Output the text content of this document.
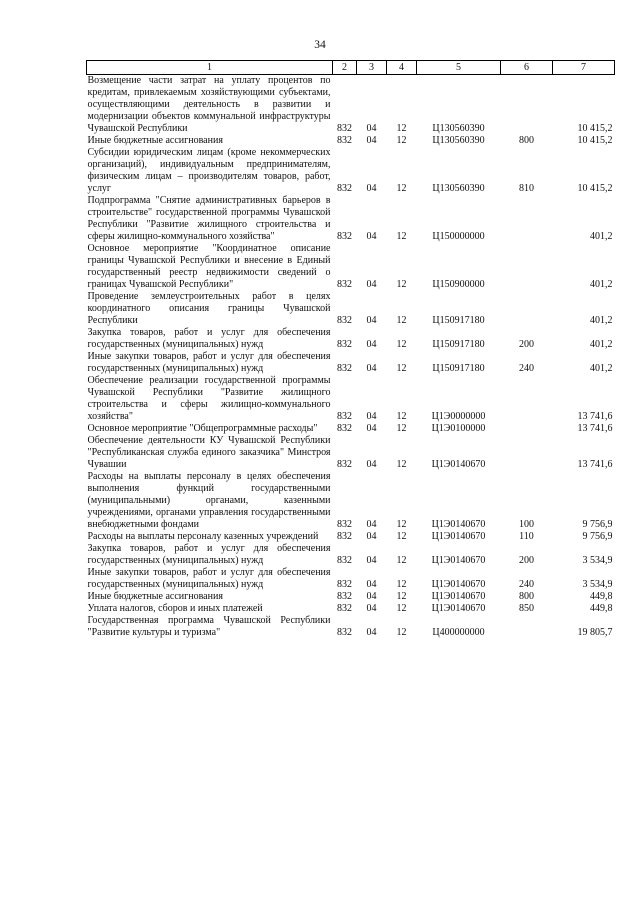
34
1	2	3	4	5	6	7
Возмещение части затрат на уплату процентов по кредитам, привлекаемым хозяйствующими субъектами, осуществляющими деятельность в развитии и модернизации объектов коммунальной инфраструктуры Чувашской Республики	832	04	12	Ц130560390		10 415,2
Иные бюджетные ассигнования	832	04	12	Ц130560390	800	10 415,2
Субсидии юридическим лицам (кроме некоммерческих организаций), индивидуальным предпринимателям, физическим лицам – производителям товаров, работ, услуг	832	04	12	Ц130560390	810	10 415,2
Подпрограмма "Снятие административных барьеров в строительстве" государственной программы Чувашской Республики "Развитие жилищного строительства и сферы жилищно-коммунального хозяйства"	832	04	12	Ц150000000		401,2
Основное мероприятие "Координатное описание границы Чувашской Республики и внесение в Единый государственный реестр недвижимости сведений о границах Чувашской Республики"	832	04	12	Ц150900000		401,2
Проведение землеустроительных работ в целях координатного описания границы Чувашской Республики	832	04	12	Ц150917180		401,2
Закупка товаров, работ и услуг для обеспечения государственных (муниципальных) нужд	832	04	12	Ц150917180	200	401,2
Иные закупки товаров, работ и услуг для обеспечения государственных (муниципальных) нужд	832	04	12	Ц150917180	240	401,2
Обеспечение реализации государственной программы Чувашской Республики "Развитие жилищного строительства и сферы жилищно-коммунального хозяйства"	832	04	12	Ц1Э0000000		13 741,6
Основное мероприятие "Общепрограммные расходы"	832	04	12	Ц1Э0100000		13 741,6
Обеспечение деятельности КУ Чувашской Республики "Республиканская служба единого заказчика" Минстроя Чувашии	832	04	12	Ц1Э0140670		13 741,6
Расходы на выплаты персоналу в целях обеспечения выполнения функций государственными (муниципальными) органами, казенными учреждениями, органами управления государственными внебюджетными фондами	832	04	12	Ц1Э0140670	100	9 756,9
Расходы на выплаты персоналу казенных учреждений	832	04	12	Ц1Э0140670	110	9 756,9
Закупка товаров, работ и услуг для обеспечения государственных (муниципальных) нужд	832	04	12	Ц1Э0140670	200	3 534,9
Иные закупки товаров, работ и услуг для обеспечения государственных (муниципальных) нужд	832	04	12	Ц1Э0140670	240	3 534,9
Иные бюджетные ассигнования	832	04	12	Ц1Э0140670	800	449,8
Уплата налогов, сборов и иных платежей	832	04	12	Ц1Э0140670	850	449,8
Государственная программа Чувашской Республики "Развитие культуры и туризма"	832	04	12	Ц400000000		19 805,7
